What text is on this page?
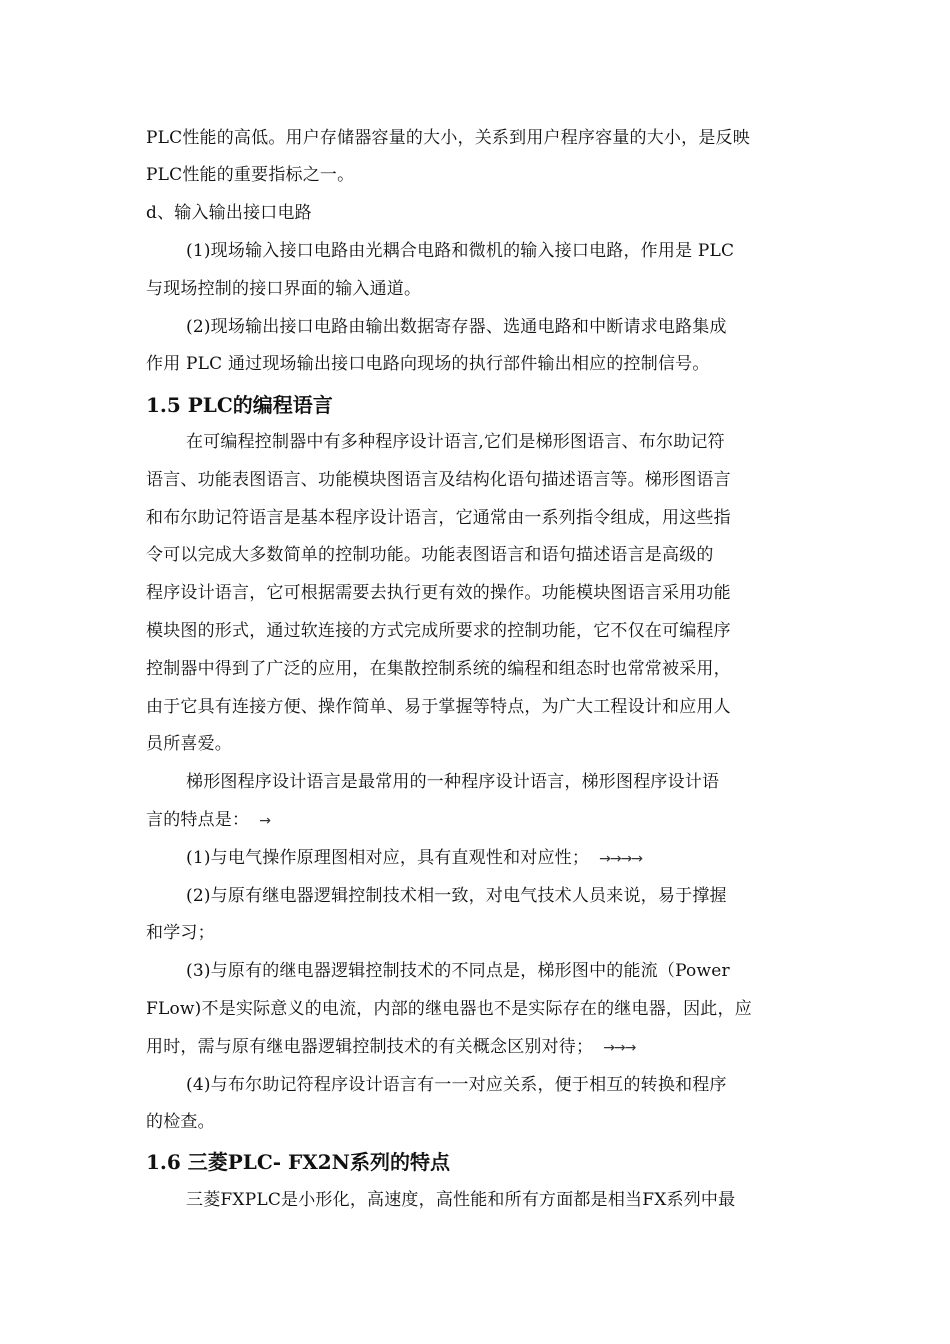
PLC性能的高低。用户存储器容量的大小，关系到用户程序容量的大小，是反映
PLC性能的重要指标之一。
d、输入输出接口电路
(1)现场输入接口电路由光耦合电路和微机的输入接口电路，作用是 PLC
与现场控制的接口界面的输入通道。
(2)现场输出接口电路由输出数据寄存器、选通电路和中断请求电路集成
作用 PLC 通过现场输出接口电路向现场的执行部件输出相应的控制信号。
1.5 PLC的编程语言
在可编程控制器中有多种程序设计语言,它们是梯形图语言、布尔助记符
语言、功能表图语言、功能模块图语言及结构化语句描述语言等。梯形图语言
和布尔助记符语言是基本程序设计语言，它通常由一系列指令组成，用这些指
令可以完成大多数简单的控制功能。功能表图语言和语句描述语言是高级的
程序设计语言，它可根据需要去执行更有效的操作。功能模块图语言采用功能
模块图的形式，通过软连接的方式完成所要求的控制功能，它不仅在可编程序
控制器中得到了广泛的应用，在集散控制系统的编程和组态时也常常被采用，
由于它具有连接方便、操作简单、易于掌握等特点，为广大工程设计和应用人
员所喜爱。
梯形图程序设计语言是最常用的一种程序设计语言，梯形图程序设计语
言的特点是： →
(1)与电气操作原理图相对应，具有直观性和对应性； →→→→
(2)与原有继电器逻辑控制技术相一致，对电气技术人员来说，易于撑握
和学习；
(3)与原有的继电器逻辑控制技术的不同点是，梯形图中的能流（Power
FLow)不是实际意义的电流，内部的继电器也不是实际存在的继电器，因此，应
用时，需与原有继电器逻辑控制技术的有关概念区别对待； →→→
(4)与布尔助记符程序设计语言有一一对应关系，便于相互的转换和程序
的检查。
1.6 三菱PLC- FX2N系列的特点
三菱FXPLC是小形化，高速度，高性能和所有方面都是相当FX系列中最
